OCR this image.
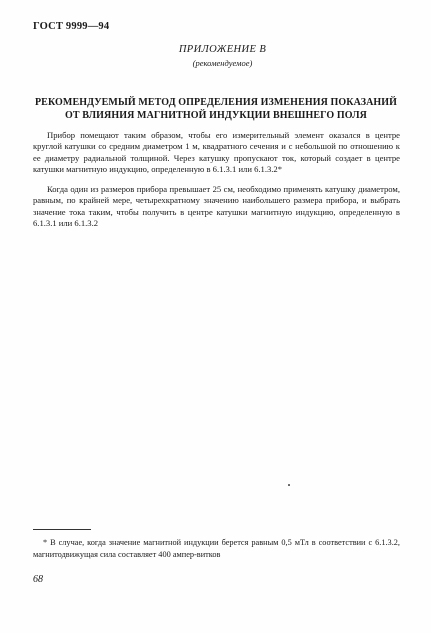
ГОСТ 9999—94
ПРИЛОЖЕНИЕ В
(рекомендуемое)
РЕКОМЕНДУЕМЫЙ МЕТОД ОПРЕДЕЛЕНИЯ ИЗМЕНЕНИЯ ПОКАЗАНИЙ ОТ ВЛИЯНИЯ МАГНИТНОЙ ИНДУКЦИИ ВНЕШНЕГО ПОЛЯ
Прибор помещают таким образом, чтобы его измерительный элемент оказался в центре круглой катушки со средним диаметром 1 м, квадратного сечения и с небольшой по отношению к ее диаметру радиальной толщиной. Через катушку пропускают ток, который создает в центре катушки магнитную индукцию, определенную в 6.1.3.1 или 6.1.3.2*
Когда один из размеров прибора превышает 25 см, необходимо применять катушку диаметром, равным, по крайней мере, четырехкратному значению наибольшего размера прибора, и выбрать значение тока таким, чтобы получить в центре катушки магнитную индукцию, определенную в 6.1.3.1 или 6.1.3.2
* В случае, когда значение магнитной индукции берется равным 0,5 мТл в соответствии с 6.1.3.2, магнитодвижущая сила составляет 400 ампер-витков
68
